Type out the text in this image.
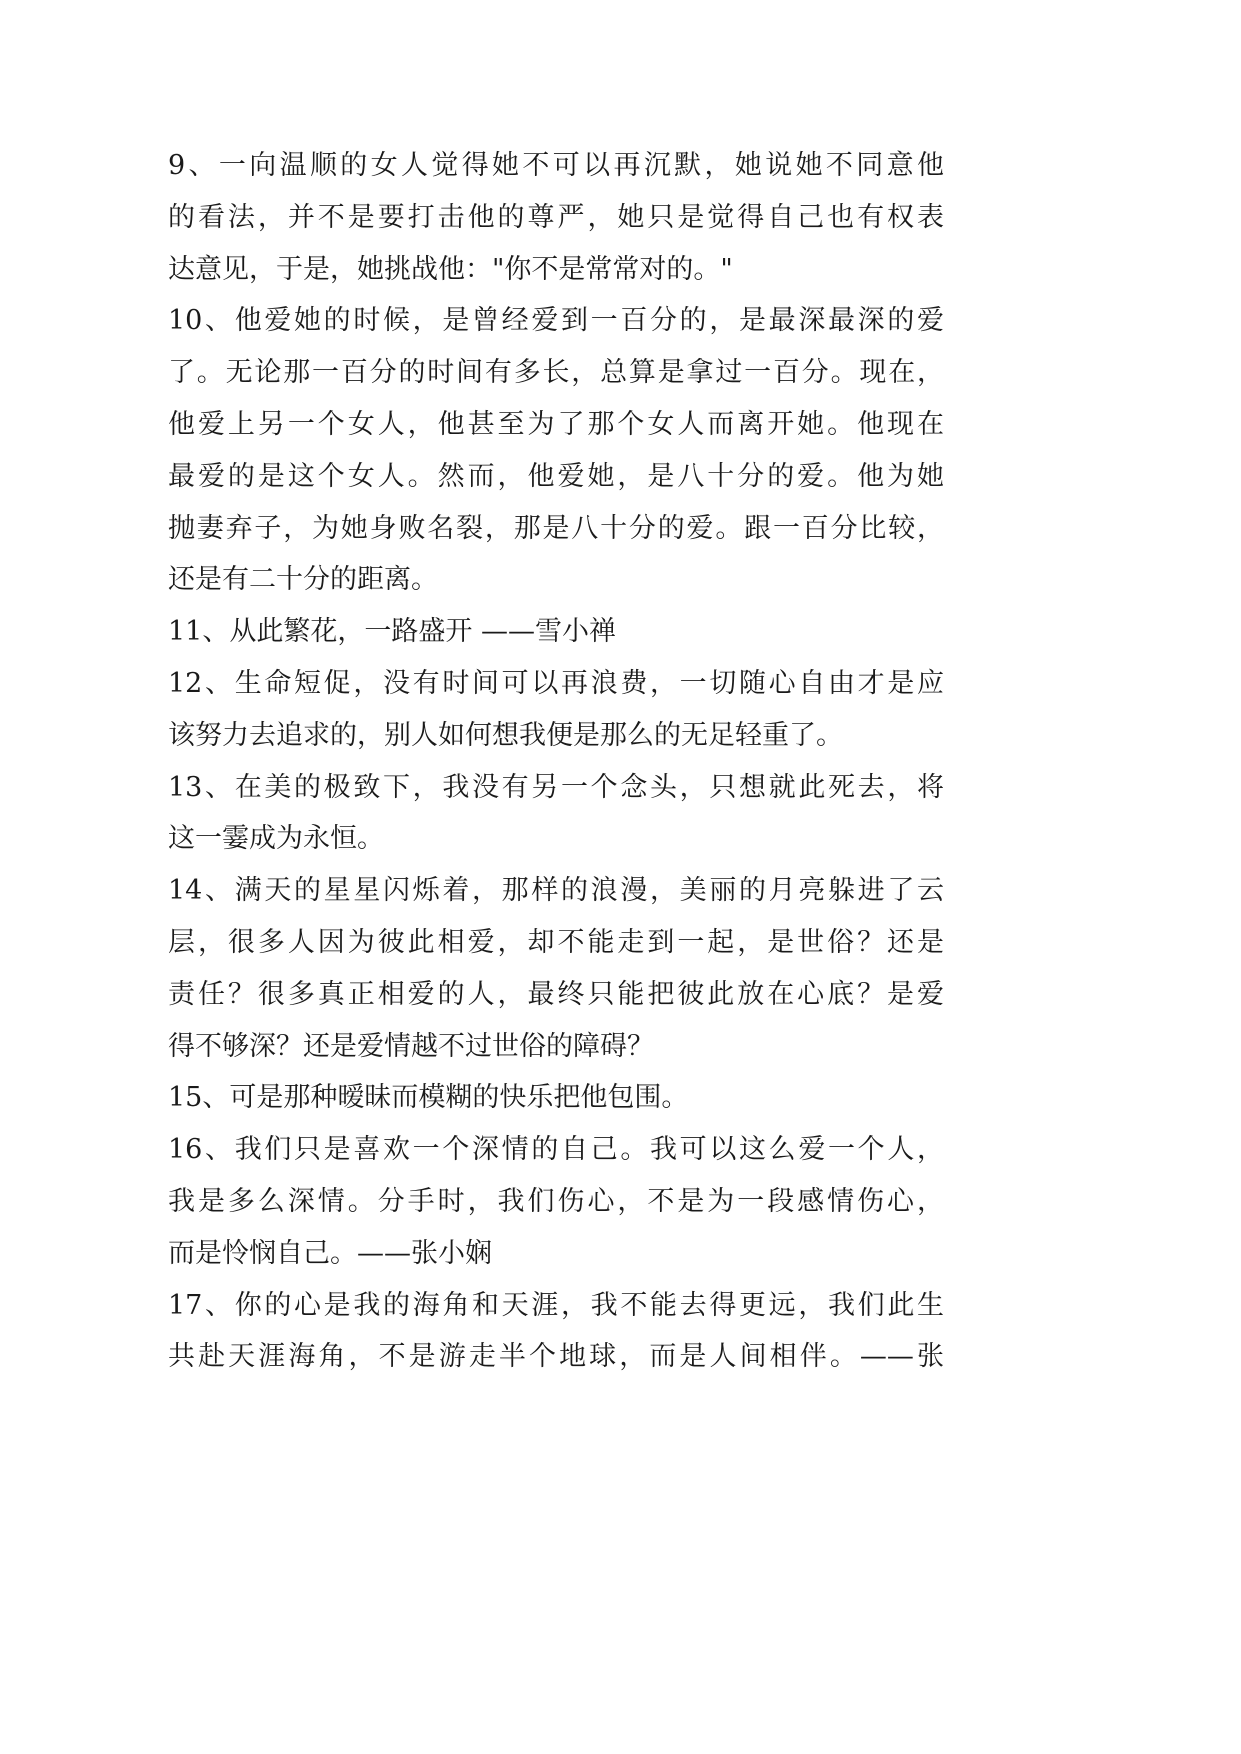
9、一向温顺的女人觉得她不可以再沉默，她说她不同意他
的看法，并不是要打击他的尊严，她只是觉得自己也有权表
达意见，于是，她挑战他："你不是常常对的。"
10、他爱她的时候，是曾经爱到一百分的，是最深最深的爱
了。无论那一百分的时间有多长，总算是拿过一百分。现在，
他爱上另一个女人，他甚至为了那个女人而离开她。他现在
最爱的是这个女人。然而，他爱她，是八十分的爱。他为她
抛妻弃子，为她身败名裂，那是八十分的爱。跟一百分比较，
还是有二十分的距离。
11、从此繁花，一路盛开 ——雪小禅
12、生命短促，没有时间可以再浪费，一切随心自由才是应
该努力去追求的，别人如何想我便是那么的无足轻重了。
13、在美的极致下，我没有另一个念头，只想就此死去，将
这一霎成为永恒。
14、满天的星星闪烁着，那样的浪漫，美丽的月亮躲进了云
层，很多人因为彼此相爱，却不能走到一起，是世俗？还是
责任？很多真正相爱的人，最终只能把彼此放在心底？是爱
得不够深？还是爱情越不过世俗的障碍？
15、可是那种暧昧而模糊的快乐把他包围。
16、我们只是喜欢一个深情的自己。我可以这么爱一个人，
我是多么深情。分手时，我们伤心，不是为一段感情伤心，
而是怜悯自己。——张小娴
17、你的心是我的海角和天涯，我不能去得更远，我们此生
共赴天涯海角，不是游走半个地球，而是人间相伴。——张
